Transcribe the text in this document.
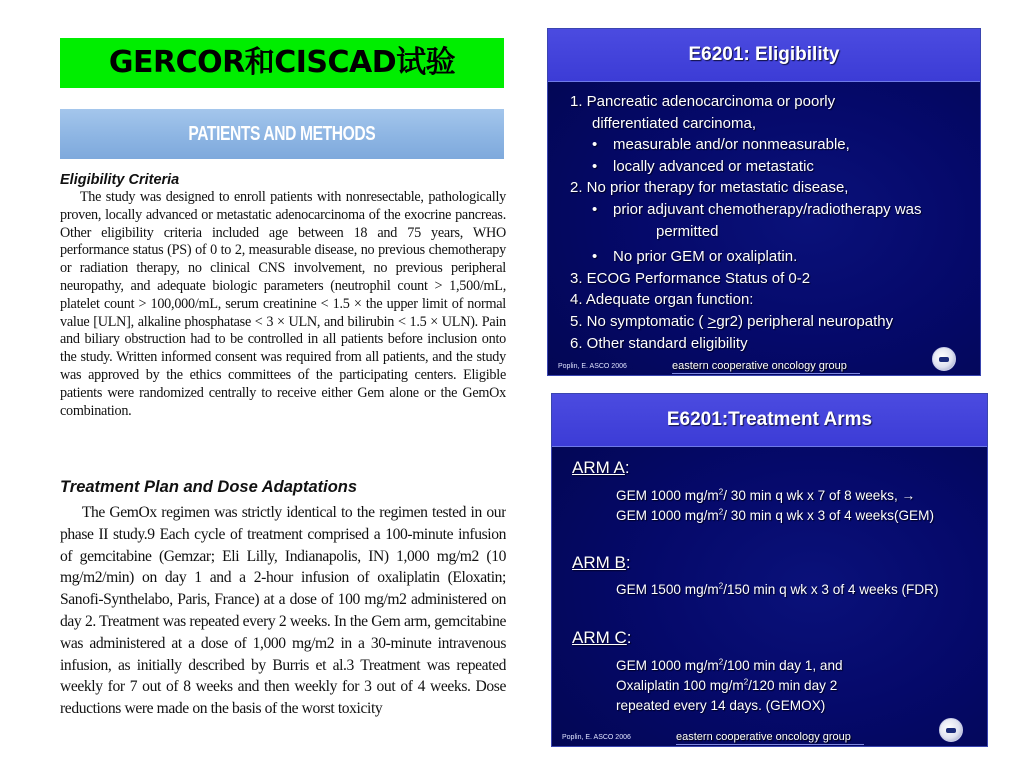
GERCOR和CISCAD试验
PATIENTS AND METHODS
Eligibility Criteria
The study was designed to enroll patients with nonresectable, pathologically proven, locally advanced or metastatic adenocarcinoma of the exocrine pancreas. Other eligibility criteria included age between 18 and 75 years, WHO performance status (PS) of 0 to 2, measurable disease, no previous chemotherapy or radiation therapy, no clinical CNS involvement, no previous peripheral neuropathy, and adequate biologic parameters (neutrophil count > 1,500/mL, platelet count > 100,000/mL, serum creatinine < 1.5 × the upper limit of normal value [ULN], alkaline phosphatase < 3 × ULN, and bilirubin < 1.5 × ULN). Pain and biliary obstruction had to be controlled in all patients before inclusion onto the study. Written informed consent was required from all patients, and the study was approved by the ethics committees of the participating centers. Eligible patients were randomized centrally to receive either Gem alone or the GemOx combination.
Treatment Plan and Dose Adaptations
The GemOx regimen was strictly identical to the regimen tested in our phase II study.9 Each cycle of treatment comprised a 100-minute infusion of gemcitabine (Gemzar; Eli Lilly, Indianapolis, IN) 1,000 mg/m2 (10 mg/m2/min) on day 1 and a 2-hour infusion of oxaliplatin (Eloxatin; Sanofi-Synthelabo, Paris, France) at a dose of 100 mg/m2 administered on day 2. Treatment was repeated every 2 weeks. In the Gem arm, gemcitabine was administered at a dose of 1,000 mg/m2 in a 30-minute intravenous infusion, as initially described by Burris et al.3 Treatment was repeated weekly for 7 out of 8 weeks and then weekly for 3 out of 4 weeks. Dose reductions were made on the basis of the worst toxicity
E6201: Eligibility
1. Pancreatic adenocarcinoma or poorly
differentiated carcinoma,
• measurable and/or nonmeasurable,
• locally advanced or metastatic
2. No prior therapy for metastatic disease,
• prior adjuvant chemotherapy/radiotherapy was
permitted
• No prior GEM or oxaliplatin.
3. ECOG Performance Status of 0-2
4. Adequate organ function:
5. No symptomatic ( >gr2) peripheral neuropathy
6. Other standard eligibility
Poplin, E. ASCO 2006	eastern cooperative oncology group
E6201:Treatment Arms
ARM A:
GEM 1000 $mg/m^2/$ 30 min q wk x 7 of 8 weeks, →
GEM 1000 $mg/m^2/$ 30 min q wk x 3 of 4 weeks(GEM)
ARM B:
GEM 1500 $mg/m^2/150$ min q wk x 3 of 4 weeks (FDR)
ARM C:
GEM 1000 $mg/m^2/100$ min day 1, and
Oxaliplatin 100 $mg/m^2/120$ min day 2
repeated every 14 days. (GEMOX)
Poplin, E. ASCO 2006	eastern cooperative oncology group
